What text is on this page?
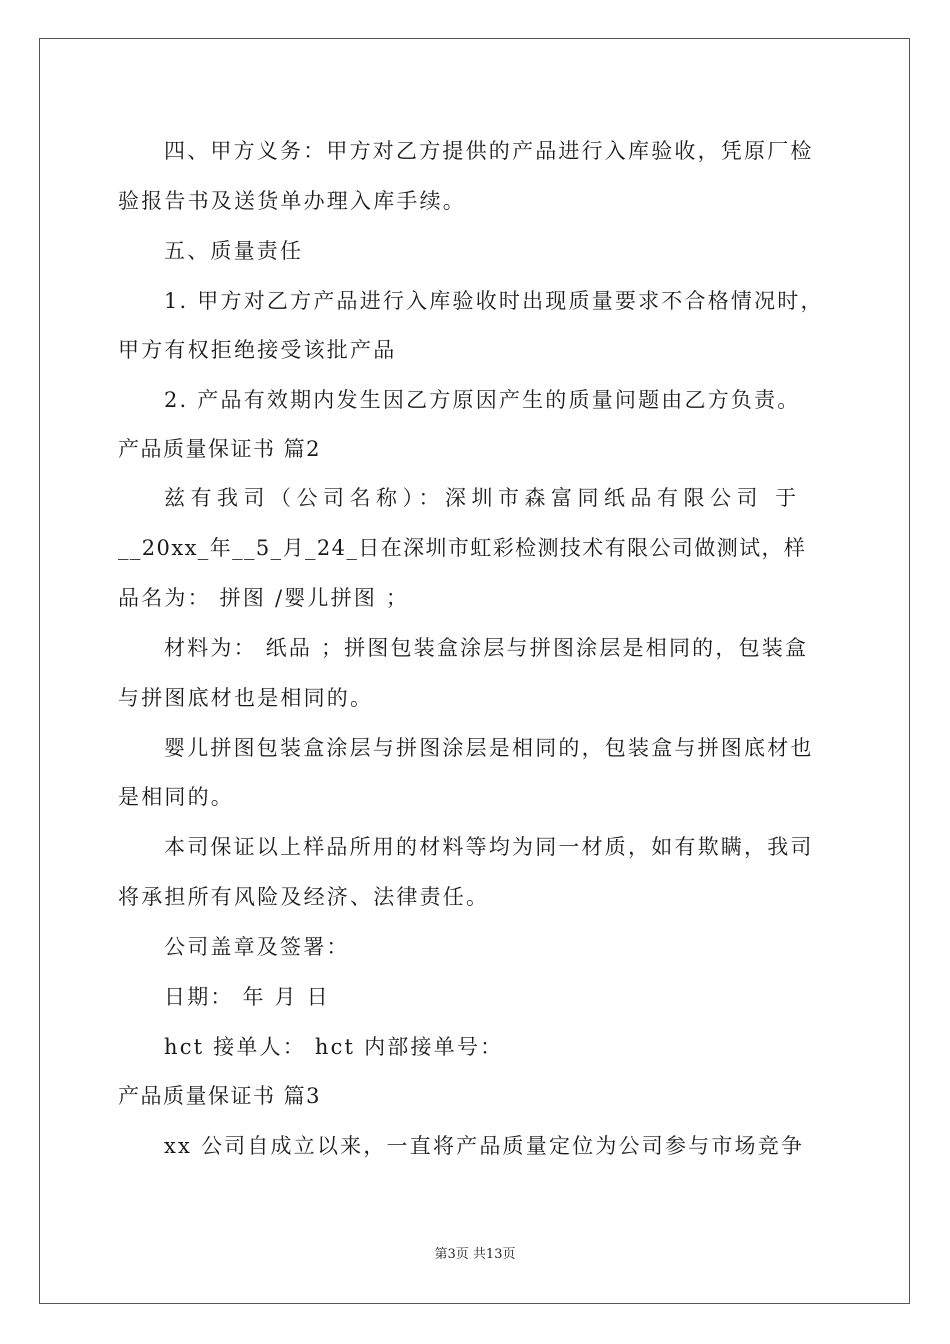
四、甲方义务：甲方对乙方提供的产品进行入库验收，凭原厂检
验报告书及送货单办理入库手续。
五、质量责任
1. 甲方对乙方产品进行入库验收时出现质量要求不合格情况时，
甲方有权拒绝接受该批产品
2. 产品有效期内发生因乙方原因产生的质量问题由乙方负责。
产品质量保证书 篇2
兹有我司（公司名称）：深圳市森富同纸品有限公司 于
__20xx_年__5_月_24_日在深圳市虹彩检测技术有限公司做测试，样
品名为： 拼图 /婴儿拼图 ；
材料为： 纸品 ；拼图包装盒涂层与拼图涂层是相同的，包装盒
与拼图底材也是相同的。
婴儿拼图包装盒涂层与拼图涂层是相同的，包装盒与拼图底材也
是相同的。
本司保证以上样品所用的材料等均为同一材质，如有欺瞒，我司
将承担所有风险及经济、法律责任。
公司盖章及签署：
日期： 年 月 日
hct 接单人： hct 内部接单号：
产品质量保证书 篇3
xx 公司自成立以来，一直将产品质量定位为公司参与市场竞争
第3页 共13页
